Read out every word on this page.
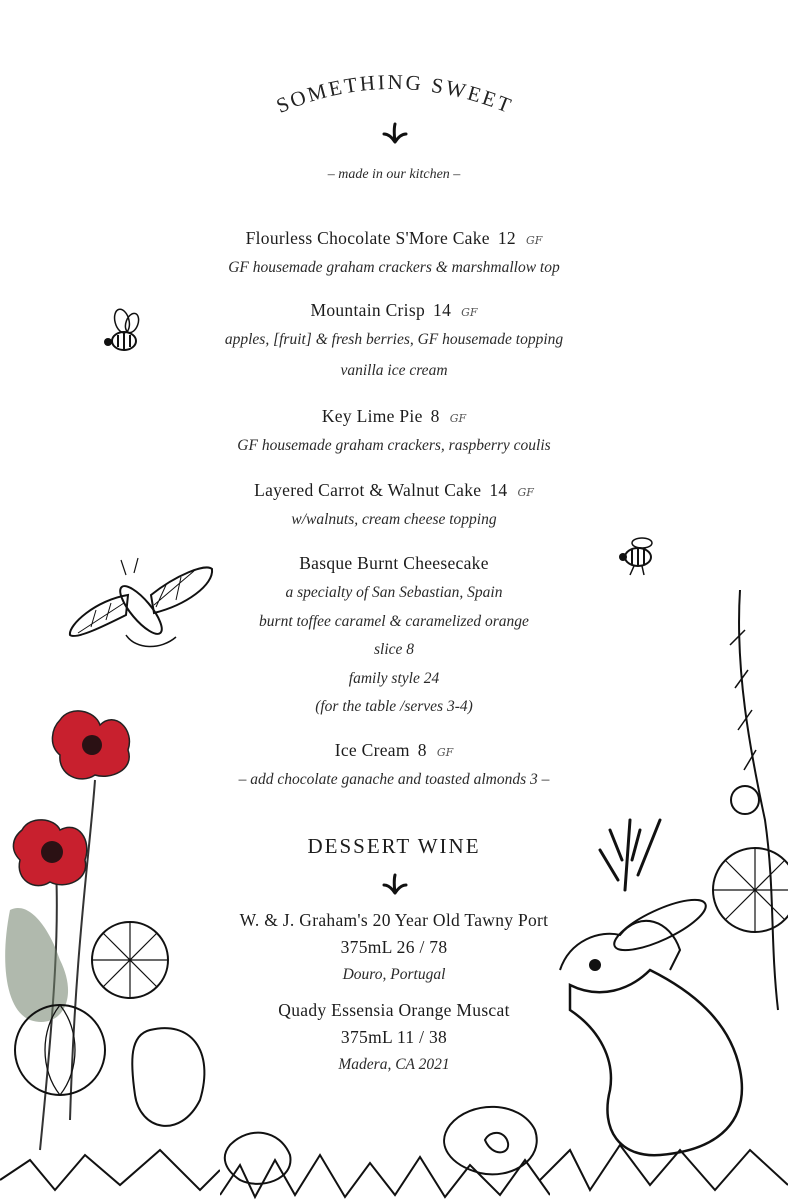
SOMETHING SWEET
– made in our kitchen –
Flourless Chocolate S'More Cake 12 GF
GF housemade graham crackers & marshmallow top
Mountain Crisp 14 GF
apples, [fruit] & fresh berries, GF housemade topping
vanilla ice cream
Key Lime Pie 8 GF
GF housemade graham crackers, raspberry coulis
Layered Carrot & Walnut Cake 14 GF
w/walnuts, cream cheese topping
Basque Burnt Cheesecake
a specialty of San Sebastian, Spain
burnt toffee caramel & caramelized orange
slice 8
family style 24
(for the table /serves 3-4)
Ice Cream 8 GF
– add chocolate ganache and toasted almonds 3 –
DESSERT WINE
W. & J. Graham's 20 Year Old Tawny Port
375mL 26 / 78
Douro, Portugal
Quady Essensia Orange Muscat
375mL 11 / 38
Madera, CA 2021
